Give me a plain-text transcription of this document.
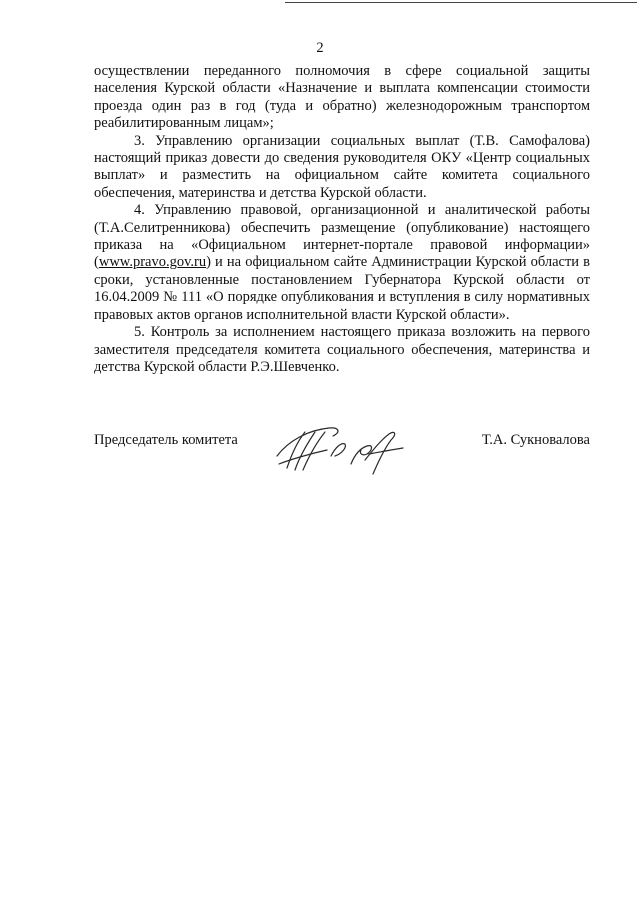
2

осуществлении переданного полномочия в сфере социальной защиты населения Курской области «Назначение и выплата компенсации стоимости проезда один раз в год (туда и обратно) железнодорожным транспортом реабилитированным лицам»;

3. Управлению организации социальных выплат (Т.В. Самофалова) настоящий приказ довести до сведения руководителя ОКУ «Центр социальных выплат» и разместить на официальном сайте комитета социального обеспечения, материнства и детства Курской области.

4. Управлению правовой, организационной и аналитической работы (Т.А.Селитренникова) обеспечить размещение (опубликование) настоящего приказа на «Официальном интернет-портале правовой информации» (www.pravo.gov.ru) и на официальном сайте Администрации Курской области в сроки, установленные постановлением Губернатора Курской области от 16.04.2009 № 111 «О порядке опубликования и вступления в силу нормативных правовых актов органов исполнительной власти Курской области».

5. Контроль за исполнением настоящего приказа возложить на первого заместителя председателя комитета социального обеспечения, материнства и детства Курской области Р.Э.Шевченко.

Председатель комитета	Т.А. Сукновалова
